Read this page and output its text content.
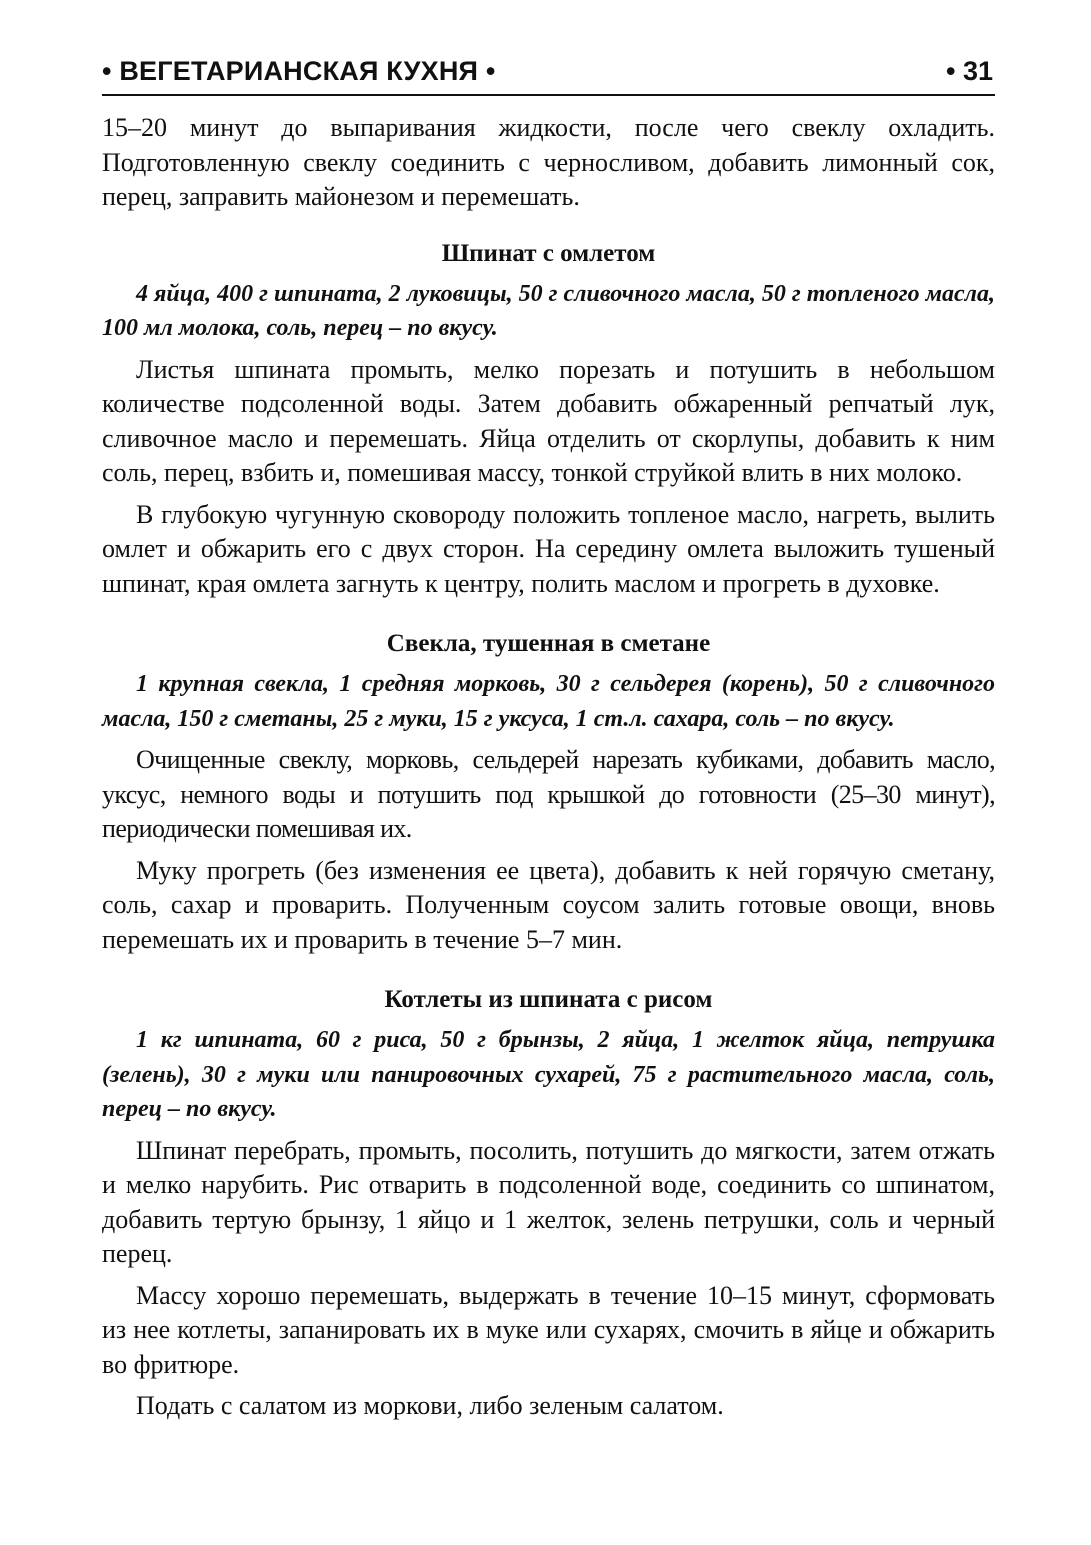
• ВЕГЕТАРИАНСКАЯ КУХНЯ •	• 31

15–20 минут до выпаривания жидкости, после чего свеклу охладить. Подготовленную свеклу соединить с черносливом, добавить лимонный сок, перец, заправить майонезом и перемешать.

Шпинат с омлетом

4 яйца, 400 г шпината, 2 луковицы, 50 г сливочного масла, 50 г топленого масла, 100 мл молока, соль, перец – по вкусу.

Листья шпината промыть, мелко порезать и потушить в небольшом количестве подсоленной воды. Затем добавить обжаренный репчатый лук, сливочное масло и перемешать. Яйца отделить от скорлупы, добавить к ним соль, перец, взбить и, помешивая массу, тонкой струйкой влить в них молоко.

В глубокую чугунную сковороду положить топленое масло, нагреть, вылить омлет и обжарить его с двух сторон. На середину омлета выложить тушеный шпинат, края омлета загнуть к центру, полить маслом и прогреть в духовке.

Свекла, тушенная в сметане

1 крупная свекла, 1 средняя морковь, 30 г сельдерея (корень), 50 г сливочного масла, 150 г сметаны, 25 г муки, 15 г уксуса, 1 ст.л. сахара, соль – по вкусу.

Очищенные свеклу, морковь, сельдерей нарезать кубиками, добавить масло, уксус, немного воды и потушить под крышкой до готовности (25–30 минут), периодически помешивая их.

Муку прогреть (без изменения ее цвета), добавить к ней горячую сметану, соль, сахар и проварить. Полученным соусом залить готовые овощи, вновь перемешать их и проварить в течение 5–7 мин.

Котлеты из шпината с рисом

1 кг шпината, 60 г риса, 50 г брынзы, 2 яйца, 1 желток яйца, петрушка (зелень), 30 г муки или панировочных сухарей, 75 г растительного масла, соль, перец – по вкусу.

Шпинат перебрать, промыть, посолить, потушить до мягкости, затем отжать и мелко нарубить. Рис отварить в подсоленной воде, соединить со шпинатом, добавить тертую брынзу, 1 яйцо и 1 желток, зелень петрушки, соль и черный перец.

Массу хорошо перемешать, выдержать в течение 10–15 минут, сформовать из нее котлеты, запанировать их в муке или сухарях, смочить в яйце и обжарить во фритюре.

Подать с салатом из моркови, либо зеленым салатом.
